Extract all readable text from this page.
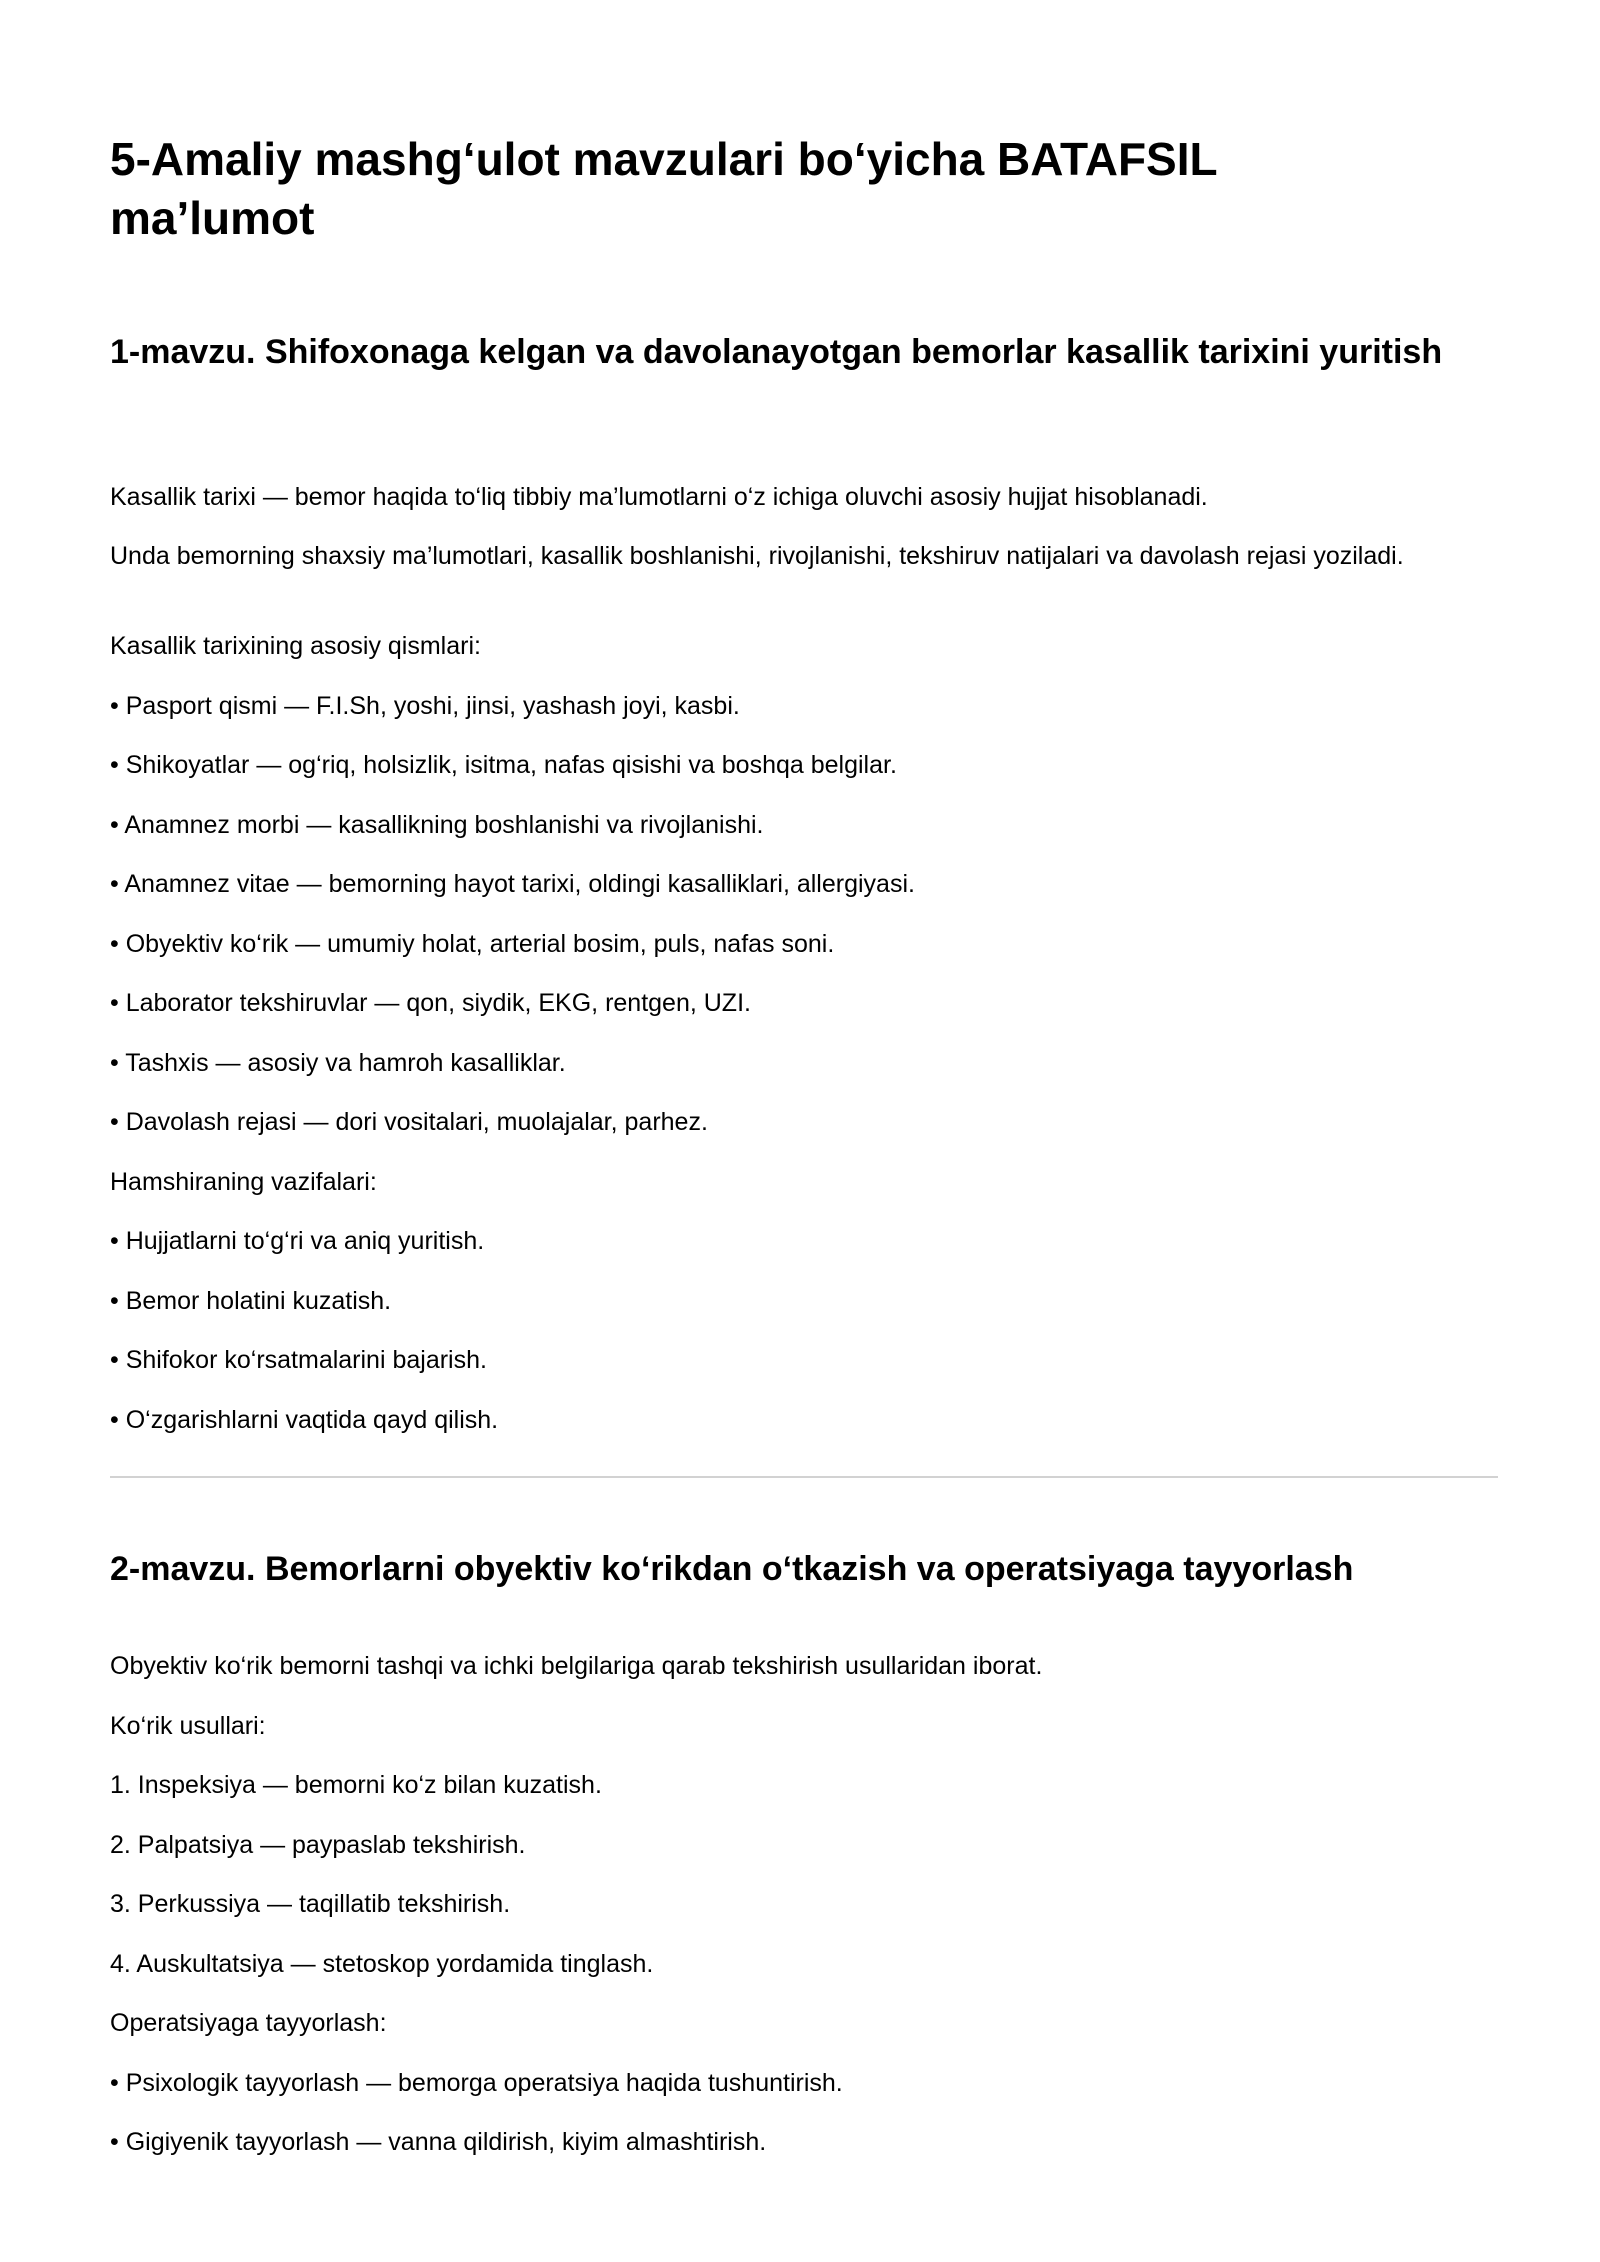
5-Amaliy mashg‘ulot mavzulari bo‘yicha BATAFSIL ma’lumot
1-mavzu. Shifoxonaga kelgan va davolanayotgan bemorlar kasallik tarixini yuritish

Kasallik tarixi — bemor haqida to‘liq tibbiy ma’lumotlarni o‘z ichiga oluvchi asosiy hujjat hisoblanadi.

Unda bemorning shaxsiy ma’lumotlari, kasallik boshlanishi, rivojlanishi, tekshiruv natijalari va davolash rejasi yoziladi.

Kasallik tarixining asosiy qismlari:

• Pasport qismi — F.I.Sh, yoshi, jinsi, yashash joyi, kasbi.

• Shikoyatlar — og‘riq, holsizlik, isitma, nafas qisishi va boshqa belgilar.

• Anamnez morbi — kasallikning boshlanishi va rivojlanishi.

• Anamnez vitae — bemorning hayot tarixi, oldingi kasalliklari, allergiyasi.

• Obyektiv ko‘rik — umumiy holat, arterial bosim, puls, nafas soni.

• Laborator tekshiruvlar — qon, siydik, EKG, rentgen, UZI.

• Tashxis — asosiy va hamroh kasalliklar.

• Davolash rejasi — dori vositalari, muolajalar, parhez.

Hamshiraning vazifalari:

• Hujjatlarni to‘g‘ri va aniq yuritish.

• Bemor holatini kuzatish.

• Shifokor ko‘rsatmalarini bajarish.

• O‘zgarishlarni vaqtida qayd qilish.

2-mavzu. Bemorlarni obyektiv ko‘rikdan o‘tkazish va operatsiyaga tayyorlash

Obyektiv ko‘rik bemorni tashqi va ichki belgilariga qarab tekshirish usullaridan iborat.

Ko‘rik usullari:

1. Inspeksiya — bemorni ko‘z bilan kuzatish.

2. Palpatsiya — paypaslab tekshirish.

3. Perkussiya — taqillatib tekshirish.

4. Auskultatsiya — stetoskop yordamida tinglash.

Operatsiyaga tayyorlash:

• Psixologik tayyorlash — bemorga operatsiya haqida tushuntirish.

• Gigiyenik tayyorlash — vanna qildirish, kiyim almashtirish.
